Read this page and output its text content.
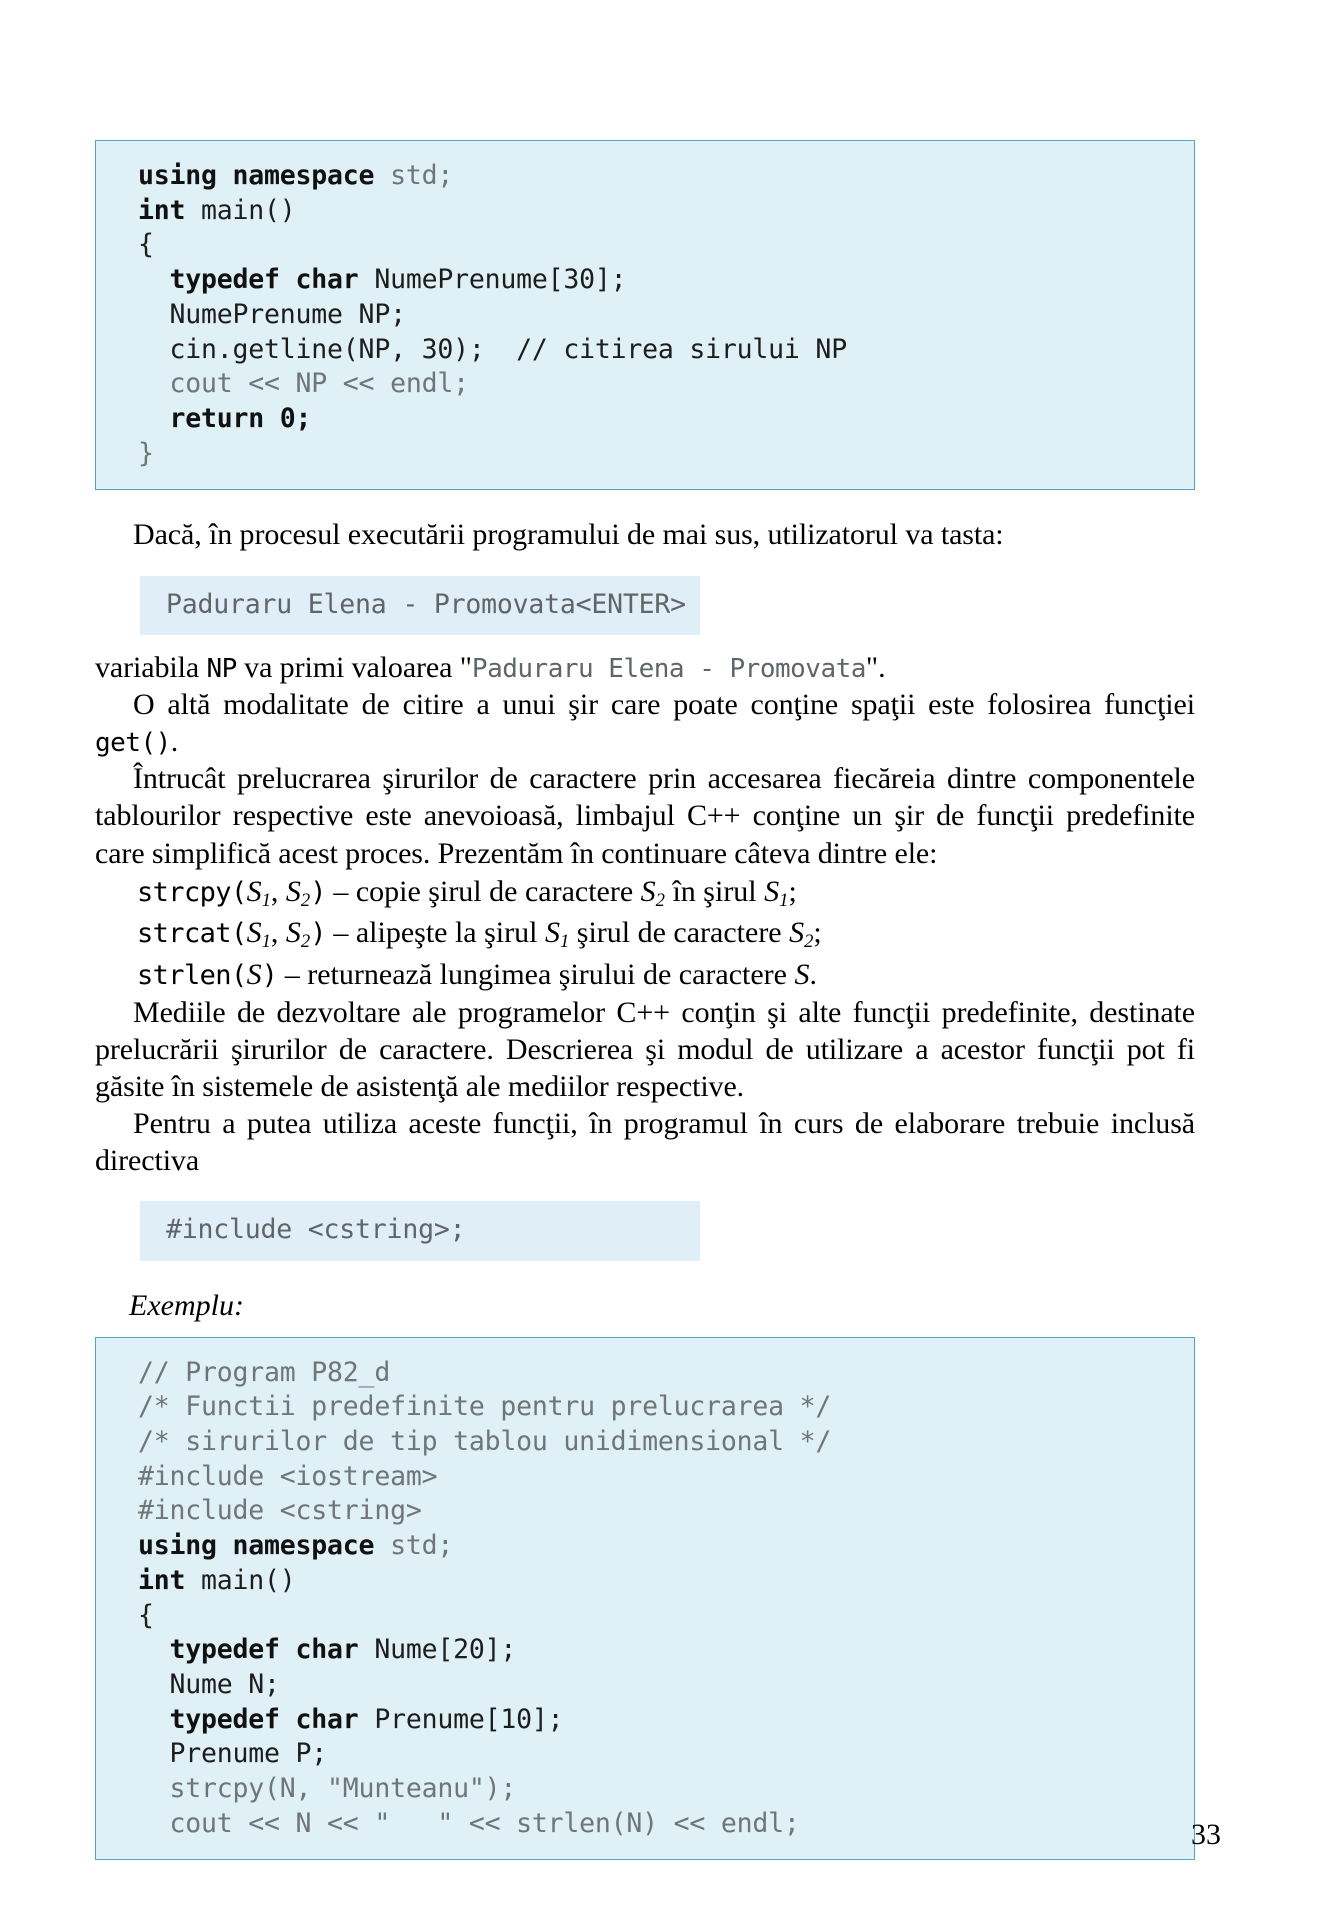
using namespace std;
int main()
{
typedef char NumePrenume[30];
NumePrenume NP;
cin.getline(NP, 30);  // citirea sirului NP
cout << NP << endl;
return 0;
}

Dacă, în procesul executării programului de mai sus, utilizatorul va tasta:

Paduraru Elena - Promovata<ENTER>

variabila NP va primi valoarea "Paduraru Elena - Promovata".

O altă modalitate de citire a unui şir care poate conţine spaţii este folosirea funcţiei get().

Întrucât prelucrarea şirurilor de caractere prin accesarea fiecăreia dintre componentele tablourilor respective este anevoioasă, limbajul C++ conţine un şir de funcţii predefinite care simplifică acest proces. Prezentăm în continuare câteva dintre ele:

$strcpy(S_1$, $S_2$) – copie şirul de caractere $S_2$ în şirul $S_1$;
$strcat(S_1$, $S_2$) – alipeşte la şirul $S_1$ şirul de caractere $S_2$;
strlen(S) – returnează lungimea şirului de caractere S.

Mediile de dezvoltare ale programelor C++ conţin şi alte funcţii predefinite, destinate prelucrării şirurilor de caractere. Descrierea şi modul de utilizare a acestor funcţii pot fi găsite în sistemele de asistenţă ale mediilor respective.

Pentru a putea utiliza aceste funcţii, în programul în curs de elaborare trebuie inclusă directiva

#include <cstring>;

Exemplu:

// Program P82_d
/* Functii predefinite pentru prelucrarea */
/* sirurilor de tip tablou unidimensional */
#include <iostream>
#include <cstring>
using namespace std;
int main()
{
typedef char Nume[20];
Nume N;
typedef char Prenume[10];
Prenume P;
strcpy(N, "Munteanu");
cout << N << "   " << strlen(N) << endl;	33
